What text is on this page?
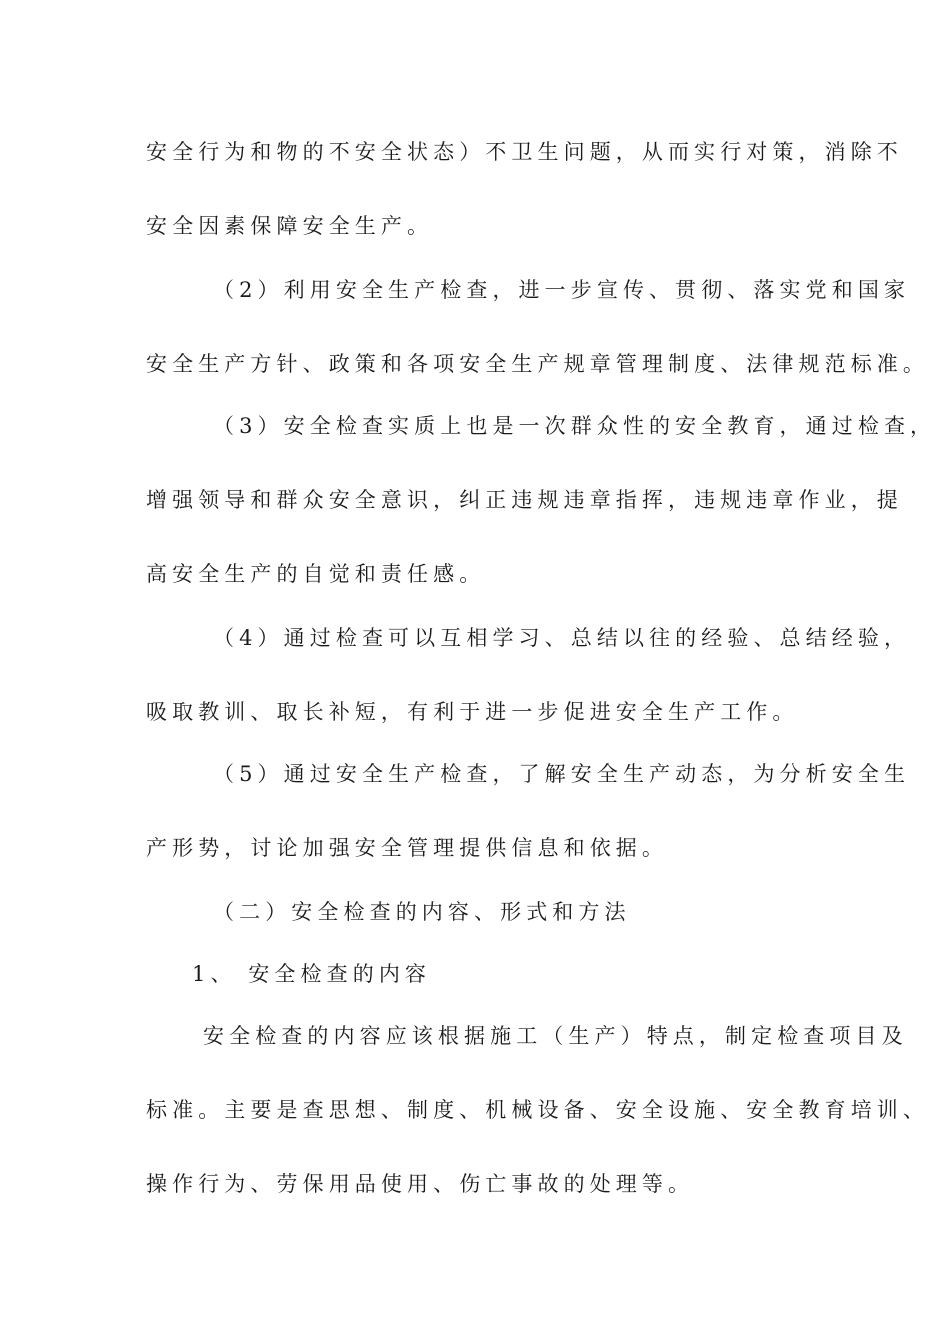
安全行为和物的不安全状态）不卫生问题，从而实行对策，消除不
安全因素保障安全生产。
（2）利用安全生产检查，进一步宣传、贯彻、落实党和国家
安全生产方针、政策和各项安全生产规章管理制度、法律规范标准。
（3）安全检查实质上也是一次群众性的安全教育，通过检查，
增强领导和群众安全意识，纠正违规违章指挥，违规违章作业，提
高安全生产的自觉和责任感。
（4）通过检查可以互相学习、总结以往的经验、总结经验，
吸取教训、取长补短，有利于进一步促进安全生产工作。
（5）通过安全生产检查，了解安全生产动态，为分析安全生
产形势，讨论加强安全管理提供信息和依据。
（二）安全检查的内容、形式和方法
1、 安全检查的内容
安全检查的内容应该根据施工（生产）特点，制定检查项目及
标准。主要是查思想、制度、机械设备、安全设施、安全教育培训、
操作行为、劳保用品使用、伤亡事故的处理等。
